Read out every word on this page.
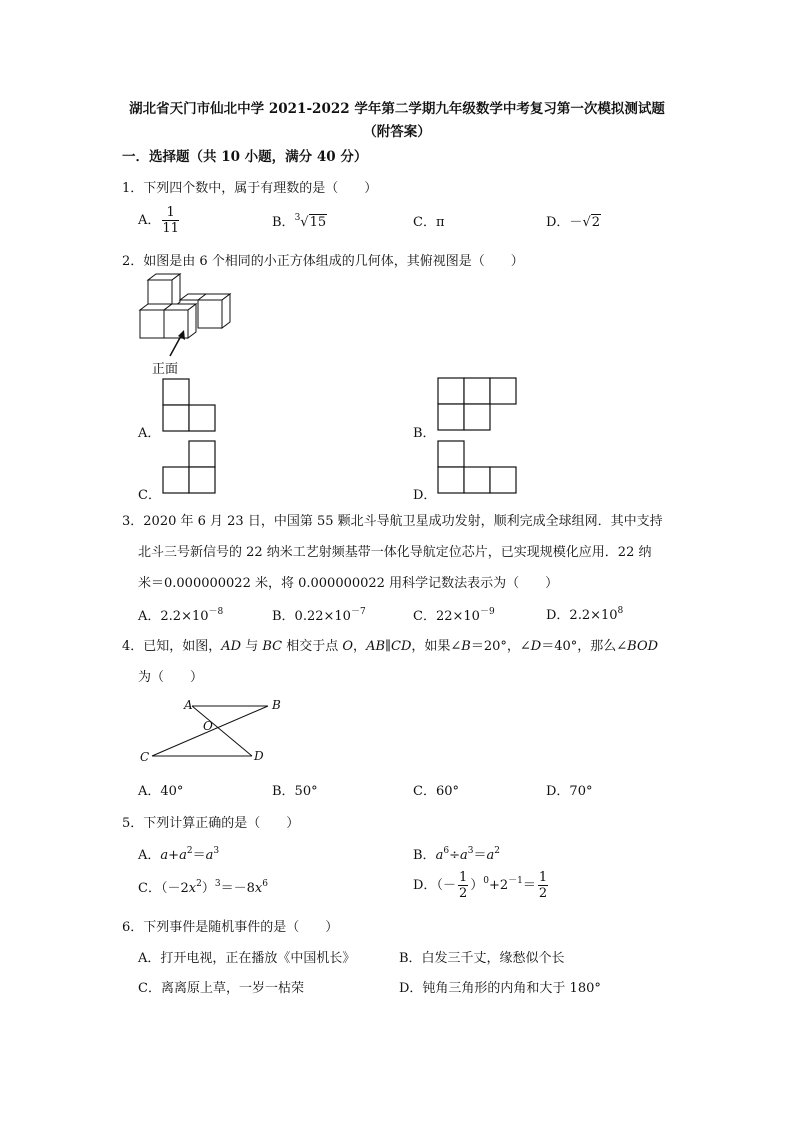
湖北省天门市仙北中学 2021-2022 学年第二学期九年级数学中考复习第一次模拟测试题
（附答案）
一．选择题（共 10 小题，满分 40 分）
1．下列四个数中，属于有理数的是（　　）
A． $\frac{1}{11}$	B．$^3$√15	C．π	D．－√2
2．如图是由 6 个相同的小正方体组成的几何体，其俯视图是（　　）
正面
A．	B．
C．	D．
3．2020 年 6 月 23 日，中国第 55 颗北斗导航卫星成功发射，顺利完成全球组网．其中支持
北斗三号新信号的 22 纳米工艺射频基带一体化导航定位芯片，已实现规模化应用．22 纳
米＝0.000000022 米，将 0.000000022 用科学记数法表示为（　　）
A．$2.2\times 10^{-8}$	B．$0.22\times 10^{-7}$	C．$22\times 10^{-9}$	D．$2.2\times 10^8$
4．已知，如图，AD 与 BC 相交于点 O，AB∥CD，如果∠B＝20°，∠D＝40°，那么∠BOD
为（　　）
A	B
O
C	D
A．40°	B．50°	C．60°	D．70°
5．下列计算正确的是（　　）
A．$a+a^2=a^3$	B．$a^6\div a^3=a^2$
C．$(-2x^2)^3=-8x^6$	D．（－ $\frac{1}{2} )^0+2^{-1}= \frac{1}{2}$
6．下列事件是随机事件的是（　　）
A．打开电视，正在播放《中国机长》	B．白发三千丈，缘愁似个长
C．离离原上草，一岁一枯荣	D．钝角三角形的内角和大于 180°
